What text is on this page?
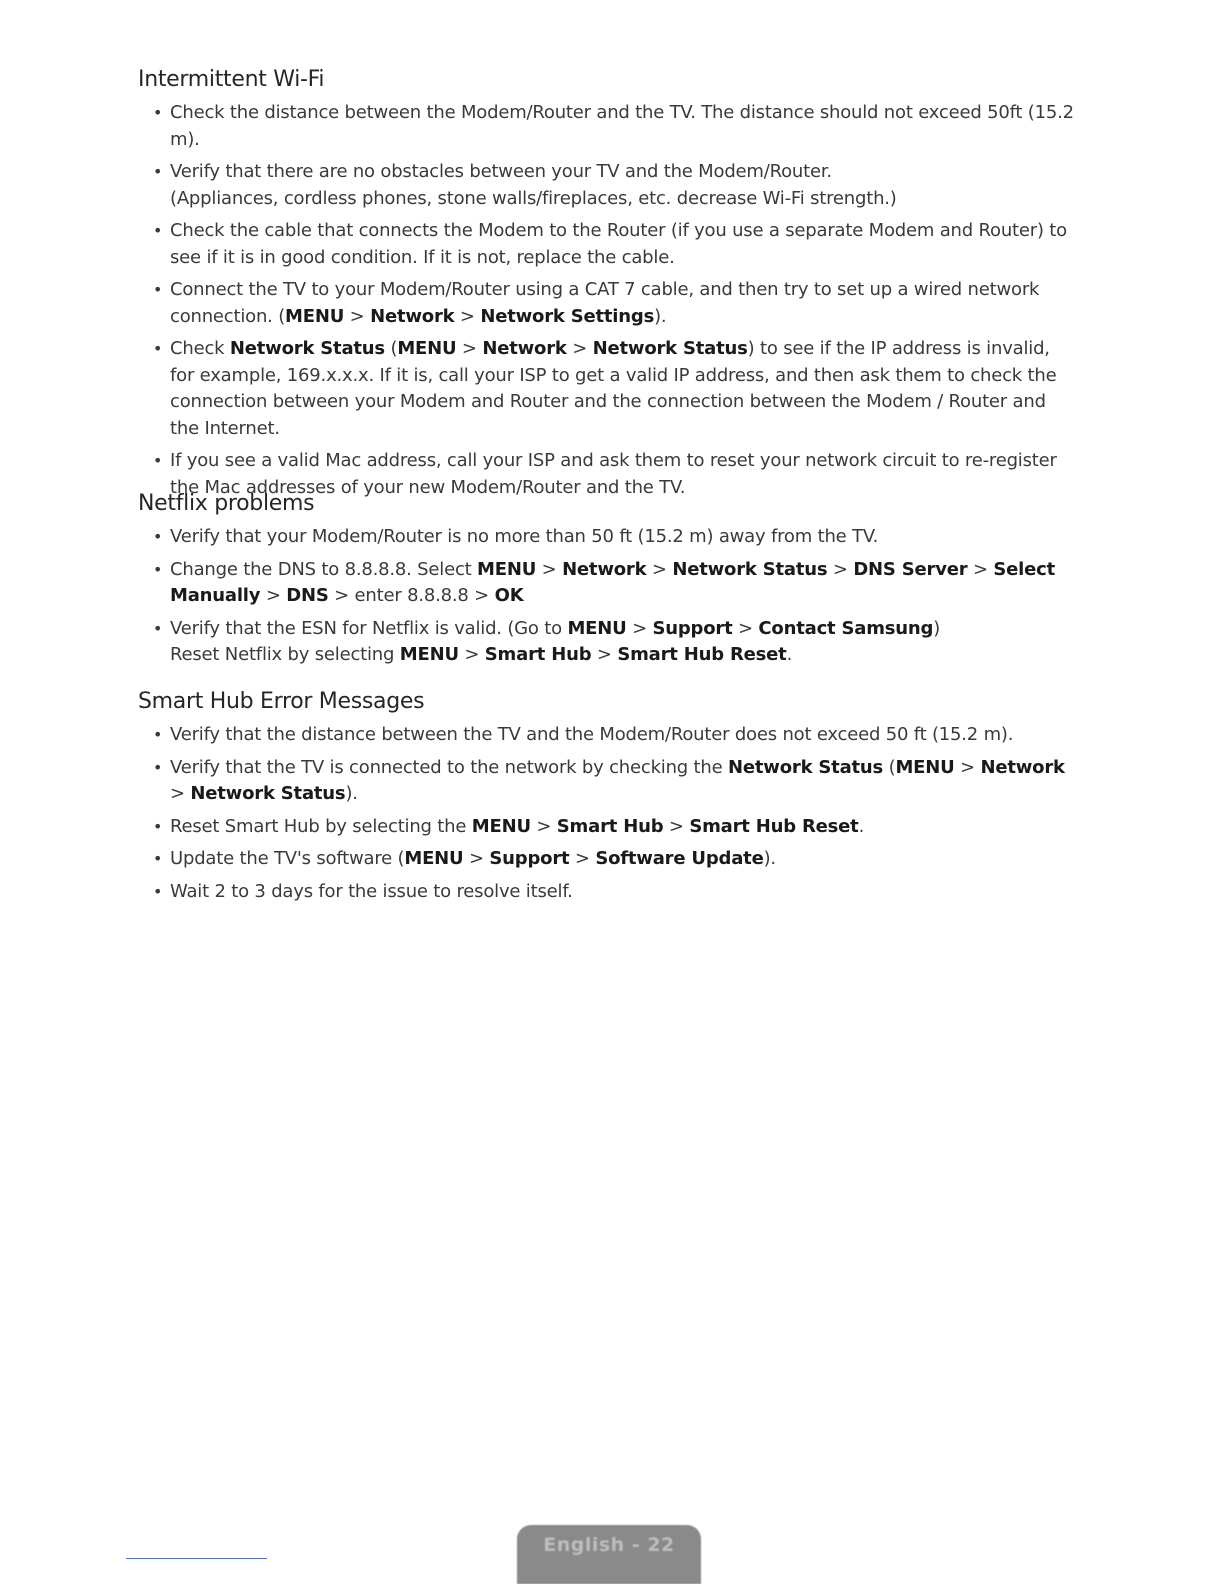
Intermittent Wi-Fi
• Check the distance between the Modem/Router and the TV. The distance should not exceed 50ft (15.2 m).
• Verify that there are no obstacles between your TV and the Modem/Router.
(Appliances, cordless phones, stone walls/fireplaces, etc. decrease Wi-Fi strength.)
• Check the cable that connects the Modem to the Router (if you use a separate Modem and Router) to see if it is in good condition. If it is not, replace the cable.
• Connect the TV to your Modem/Router using a CAT 7 cable, and then try to set up a wired network connection. (MENU > Network > Network Settings).
• Check Network Status (MENU > Network > Network Status) to see if the IP address is invalid, for example, 169.x.x.x. If it is, call your ISP to get a valid IP address, and then ask them to check the connection between your Modem and Router and the connection between the Modem / Router and the Internet.
• If you see a valid Mac address, call your ISP and ask them to reset your network circuit to re-register the Mac addresses of your new Modem/Router and the TV.
Netflix problems
• Verify that your Modem/Router is no more than 50 ft (15.2 m) away from the TV.
• Change the DNS to 8.8.8.8. Select MENU > Network > Network Status > DNS Server > Select Manually > DNS > enter 8.8.8.8 > OK
• Verify that the ESN for Netflix is valid. (Go to MENU > Support > Contact Samsung)
Reset Netflix by selecting MENU > Smart Hub > Smart Hub Reset.
Smart Hub Error Messages
• Verify that the distance between the TV and the Modem/Router does not exceed 50 ft (15.2 m).
• Verify that the TV is connected to the network by checking the Network Status (MENU > Network > Network Status).
• Reset Smart Hub by selecting the MENU > Smart Hub > Smart Hub Reset.
• Update the TV's software (MENU > Support > Software Update).
• Wait 2 to 3 days for the issue to resolve itself.
English - 22
